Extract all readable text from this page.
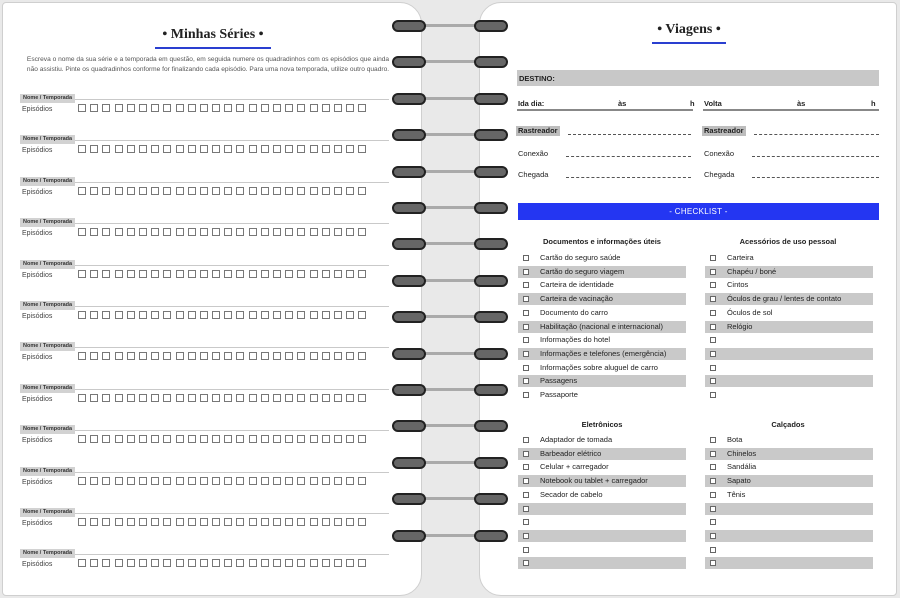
• Minhas Séries •
Escreva o nome da sua série e a temporada em questão, em seguida numere os quadradinhos com os episódios que ainda não assistiu. Pinte os quadradinhos conforme for finalizando cada episódio. Para uma nova temporada, utilize outro quadro.
Nome / Temporada
Episódios
Nome / Temporada
Episódios
Nome / Temporada
Episódios
Nome / Temporada
Episódios
Nome / Temporada
Episódios
Nome / Temporada
Episódios
Nome / Temporada
Episódios
Nome / Temporada
Episódios
Nome / Temporada
Episódios
Nome / Temporada
Episódios
Nome / Temporada
Episódios
Nome / Temporada
Episódios
• Viagens •
DESTINO:
Ida dia:	às	h Volta	às	h
Rastreador
Conexão
Chegada
Rastreador
Conexão
Chegada
- CHECKLIST -
Documentos e informações úteis	Acessórios de uso pessoal
Eletrônicos	Calçados
Cartão do seguro saúde
Cartão do seguro viagem
Carteira de identidade
Carteira de vacinação
Documento do carro
Habilitação (nacional e internacional)
Informações do hotel
Informações e telefones (emergência)
Informações sobre aluguel de carro
Passagens
Passaporte
Carteira
Chapéu / boné
Cintos
Óculos de grau / lentes de contato
Óculos de sol
Relógio
Adaptador de tomada
Barbeador elétrico
Celular + carregador
Notebook ou tablet + carregador
Secador de cabelo
Bota
Chinelos
Sandália
Sapato
Tênis
